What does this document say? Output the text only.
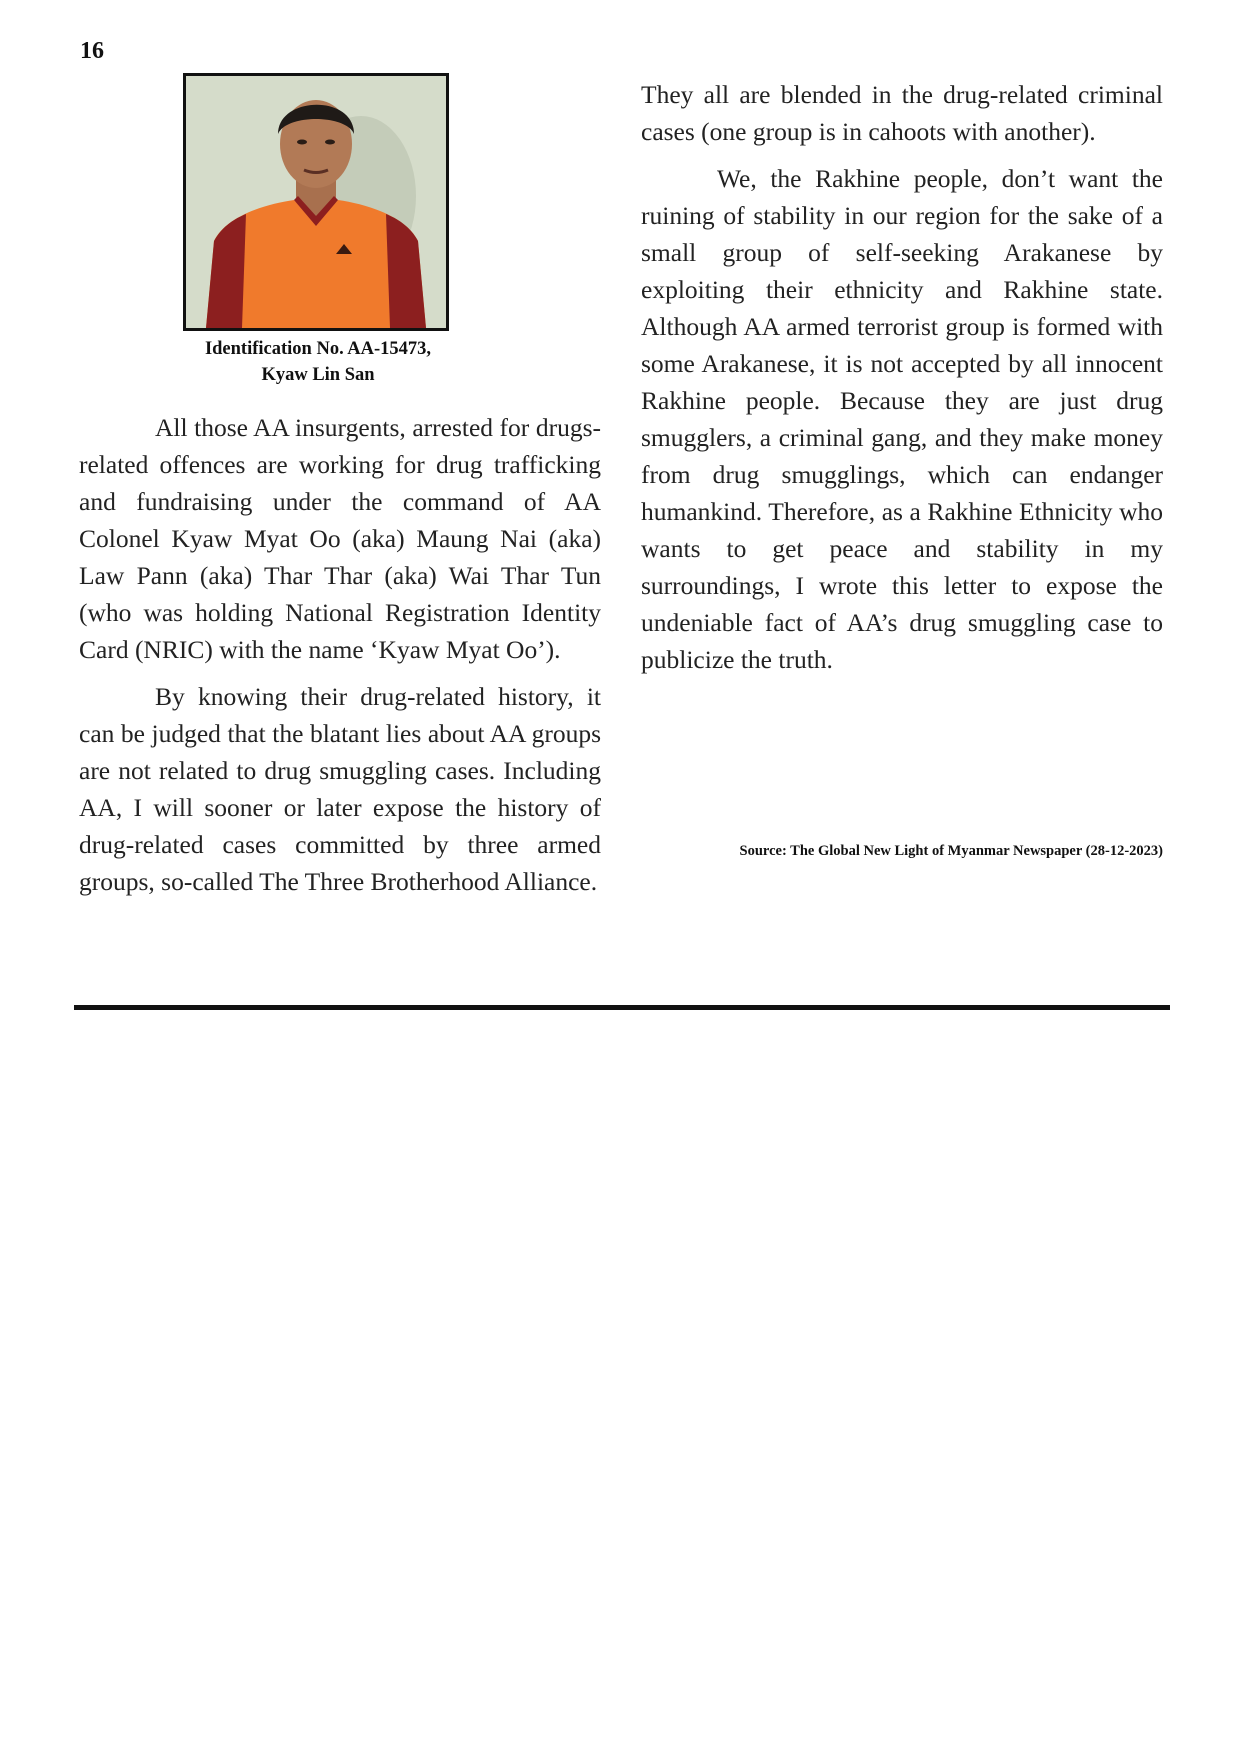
16
Identification No. AA-15473,
Kyaw Lin San

All those AA insurgents, arrested for drugs-related offences are working for drug trafficking and fundraising under the command of AA Colonel Kyaw Myat Oo (aka) Maung Nai (aka) Law Pann (aka) Thar Thar (aka) Wai Thar Tun (who was holding National Registration Identity Card (NRIC) with the name ‘Kyaw Myat Oo’).

By knowing their drug-related history, it can be judged that the blatant lies about AA groups are not related to drug smuggling cases. Including AA, I will sooner or later expose the history of drug-related cases committed by three armed groups, so-called The Three Brotherhood Alliance.

They all are blended in the drug-related criminal cases (one group is in cahoots with another).

We, the Rakhine people, don’t want the ruining of stability in our region for the sake of a small group of self-seeking Arakanese by exploiting their ethnicity and Rakhine state. Although AA armed terrorist group is formed with some Arakanese, it is not accepted by all innocent Rakhine people. Because they are just drug smugglers, a criminal gang, and they make money from drug smugglings, which can endanger humankind. Therefore, as a Rakhine Ethnicity who wants to get peace and stability in my surroundings, I wrote this letter to expose the undeniable fact of AA’s drug smuggling case to publicize the truth.

Source: The Global New Light of Myanmar Newspaper (28-12-2023)
